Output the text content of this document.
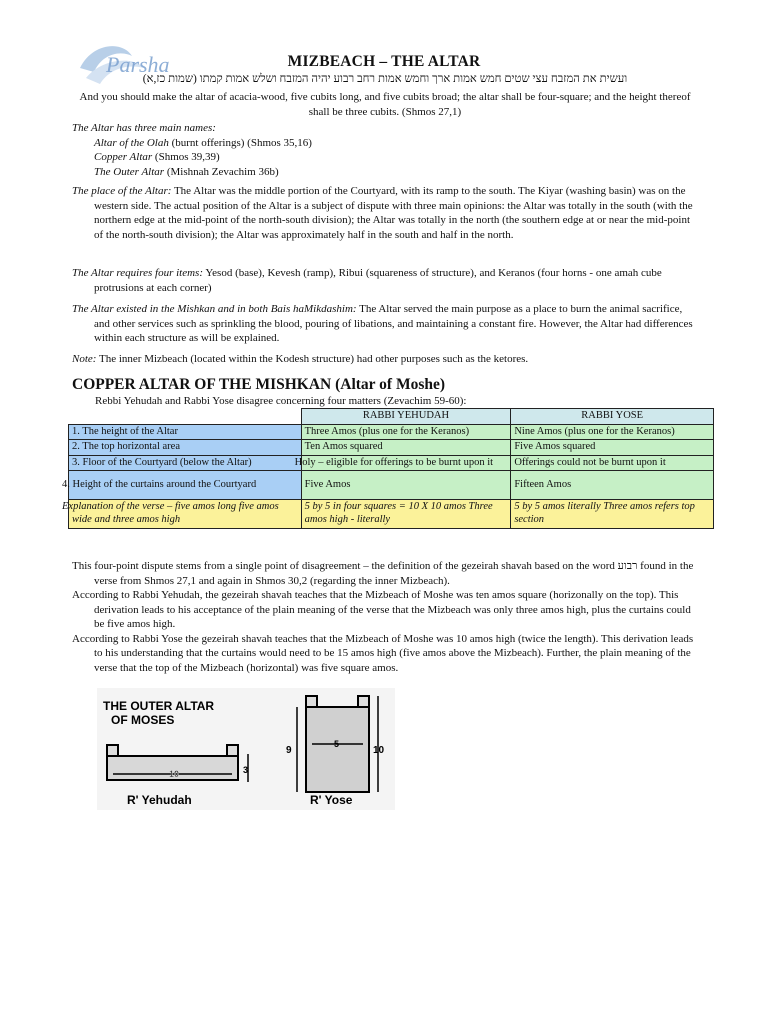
Parsha	MIZBEACH – THE ALTAR
ועשית את המזבח עצי שטים חמש אמות ארך וחמש אמות רחב רבוע יהיה המזבח ושלש אמות קמתו (שמות כז,א)
And you should make the altar of acacia-wood, five cubits long, and five cubits broad; the altar shall be four-square; and the height thereof shall be three cubits. (Shmos 27,1)
The Altar has three main names:
Altar of the Olah (burnt offerings) (Shmos 35,16)
Copper Altar (Shmos 39,39)
The Outer Altar (Mishnah Zevachim 36b)
The place of the Altar: The Altar was the middle portion of the Courtyard, with its ramp to the south. The Kiyar (washing basin) was on the western side. The actual position of the Altar is a subject of dispute with three main opinions: the Altar was totally in the south (with the northern edge at the mid-point of the north-south division); the Altar was totally in the north (the southern edge at or near the mid-point of the north-south division); the Altar was approximately half in the south and half in the north.
The Altar requires four items: Yesod (base), Kevesh (ramp), Ribui (squareness of structure), and Keranos (four horns - one amah cube protrusions at each corner)
The Altar existed in the Mishkan and in both Bais haMikdashim: The Altar served the main purpose as a place to burn the animal sacrifice, and other services such as sprinkling the blood, pouring of libations, and maintaining a constant fire. However, the Altar had differences within each structure as will be explained.
Note: The inner Mizbeach (located within the Kodesh structure) had other purposes such as the ketores.
COPPER ALTAR OF THE MISHKAN (Altar of Moshe)
Rebbi Yehudah and Rabbi Yose disagree concerning four matters (Zevachim 59-60):
	RABBI YEHUDAH	RABBI YOSE
1. The height of the Altar	Three Amos (plus one for the Keranos)	Nine Amos (plus one for the Keranos)
2. The top horizontal area	Ten Amos squared	Five Amos squared
3. Floor of the Courtyard (below the Altar)	Holy – eligible for offerings to be burnt upon it	Offerings could not be burnt upon it
4. Height of the curtains around the Courtyard	Five Amos	Fifteen Amos
Explanation of the verse – five amos long five amos wide and three amos high	5 by 5 in four squares = 10 X 10 amos Three amos high - literally	5 by 5 amos literally Three amos refers top section
This four-point dispute stems from a single point of disagreement – the definition of the gezeirah shavah based on the word רבוע found in the verse from Shmos 27,1 and again in Shmos 30,2 (regarding the inner Mizbeach).
According to Rabbi Yehudah, the gezeirah shavah teaches that the Mizbeach of Moshe was ten amos square (horizonally on the top). This derivation leads to his acceptance of the plain meaning of the verse that the Mizbeach was only three amos high, plus the curtains could be five amos high.
According to Rabbi Yose the gezeirah shavah teaches that the Mizbeach of Moshe was 10 amos high (twice the length). This derivation leads to his understanding that the curtains would need to be 15 amos high (five amos above the Mizbeach). Further, the plain meaning of the verse that the top of the Mizbeach (horizontal) was five square amos.
THE OUTER ALTAR
OF MOSES
10	3
R' Yehudah
5
9	10
R' Yose
